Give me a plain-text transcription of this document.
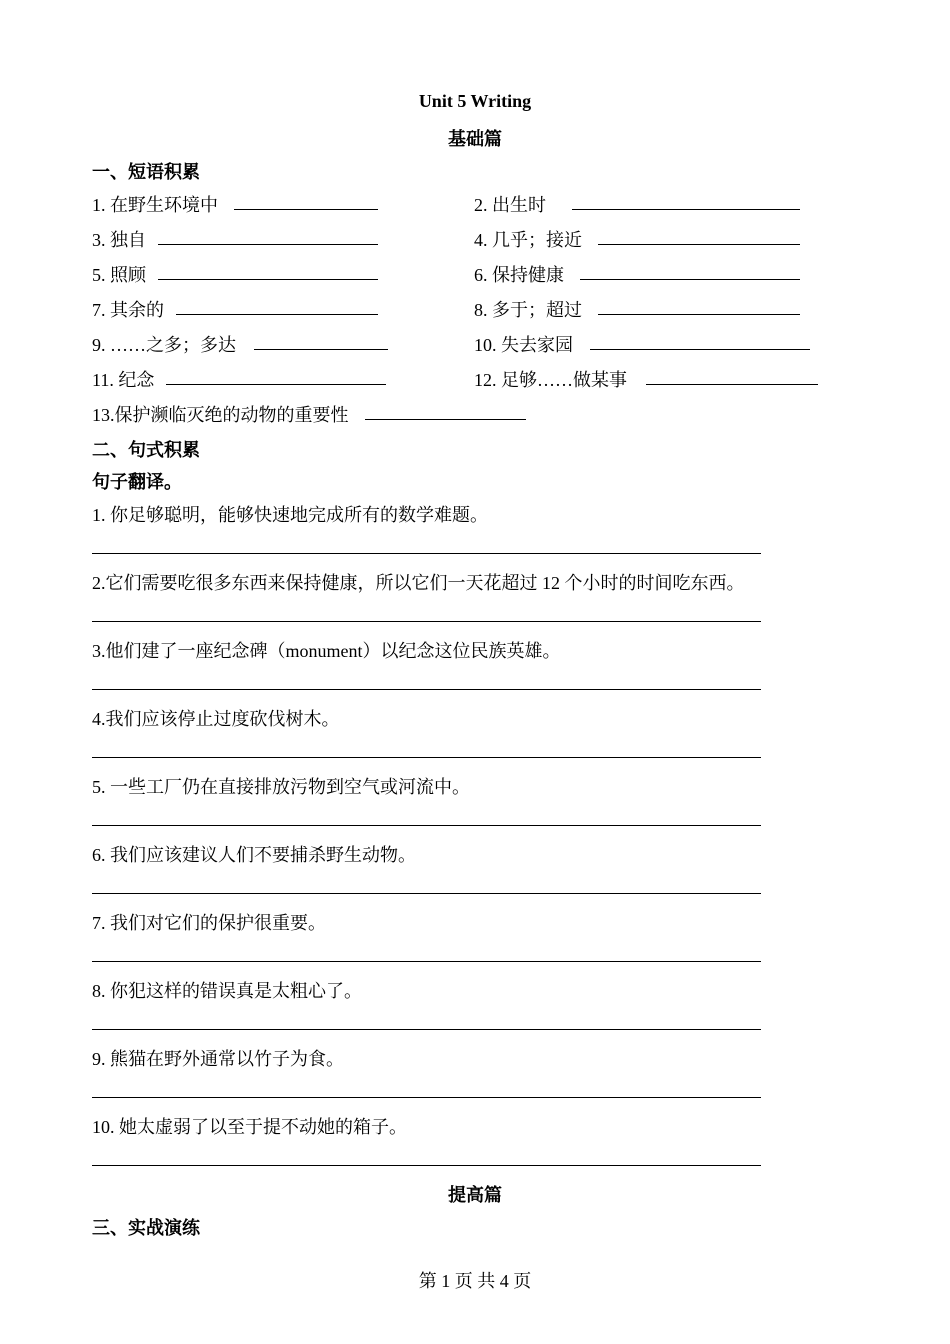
Unit 5 Writing
基础篇
一、短语积累
1. 在野生环境中	2. 出生时
3. 独自	4. 几乎；接近
5. 照顾	6. 保持健康
7. 其余的	8. 多于；超过
9. ……之多；多达	10. 失去家园
11. 纪念	12. 足够……做某事
13.保护濒临灭绝的动物的重要性
二、句式积累
句子翻译。
1. 你足够聪明，能够快速地完成所有的数学难题。
2.它们需要吃很多东西来保持健康，所以它们一天花超过 12 个小时的时间吃东西。
3.他们建了一座纪念碑（monument）以纪念这位民族英雄。
4.我们应该停止过度砍伐树木。
5. 一些工厂仍在直接排放污物到空气或河流中。
6. 我们应该建议人们不要捕杀野生动物。
7. 我们对它们的保护很重要。
8. 你犯这样的错误真是太粗心了。
9. 熊猫在野外通常以竹子为食。
10. 她太虚弱了以至于提不动她的箱子。
提高篇
三、实战演练
第 1 页 共 4 页
